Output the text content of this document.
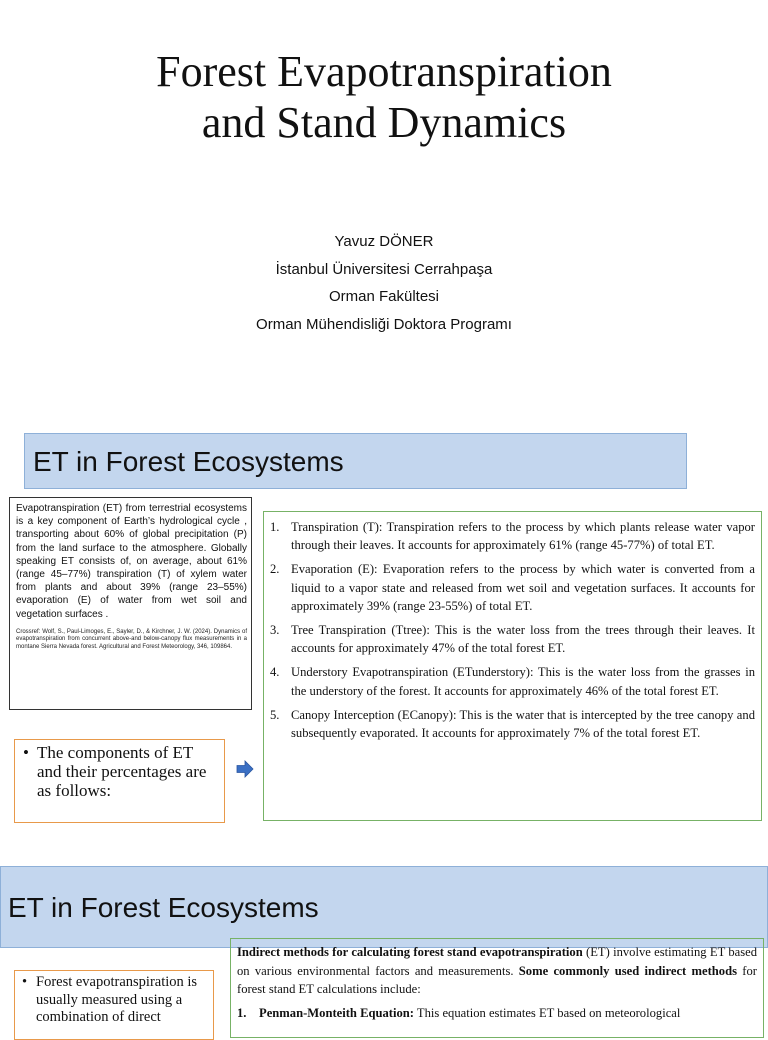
Forest Evapotranspiration
and Stand Dynamics
Yavuz DÖNER
İstanbul Üniversitesi Cerrahpaşa
Orman Fakültesi
Orman Mühendisliği Doktora Programı
ET in Forest Ecosystems
Evapotranspiration (ET) from terrestrial ecosystems is a key component of Earth’s hydrological cycle , transporting about 60% of global precipitation (P) from the land surface to the atmosphere. Globally speaking ET consists of, on average, about 61% (range 45–77%) transpiration (T) of xylem water from plants and about 39% (range 23–55%) evaporation (E) of water from wet soil and vegetation surfaces .
Crossref: Wolf, S., Paul-Limoges, E., Sayler, D., & Kirchner, J. W. (2024). Dynamics of evapotranspiration from concurrent above-and below-canopy flux measurements in a montane Sierra Nevada forest. Agricultural and Forest Meteorology, 346, 109864.
• The components of ET and their percentages are as follows:
1. Transpiration (T): Transpiration refers to the process by which plants release water vapor through their leaves. It accounts for approximately 61% (range 45-77%) of total ET.
2. Evaporation (E): Evaporation refers to the process by which water is converted from a liquid to a vapor state and released from wet soil and vegetation surfaces. It accounts for approximately 39% (range 23-55%) of total ET.
3. Tree Transpiration (Ttree): This is the water loss from the trees through their leaves. It accounts for approximately 47% of the total forest ET.
4. Understory Evapotranspiration (ETunderstory): This is the water loss from the grasses in the understory of the forest. It accounts for approximately 46% of the total forest ET.
5. Canopy Interception (ECanopy): This is the water that is intercepted by the tree canopy and subsequently evaporated. It accounts for approximately 7% of the total forest ET.
ET in Forest Ecosystems
• Forest evapotranspiration is usually measured using a combination of direct
Indirect methods for calculating forest stand evapotranspiration (ET) involve estimating ET based on various environmental factors and measurements. Some commonly used indirect methods for forest stand ET calculations include:
1. Penman-Monteith Equation: This equation estimates ET based on meteorological
